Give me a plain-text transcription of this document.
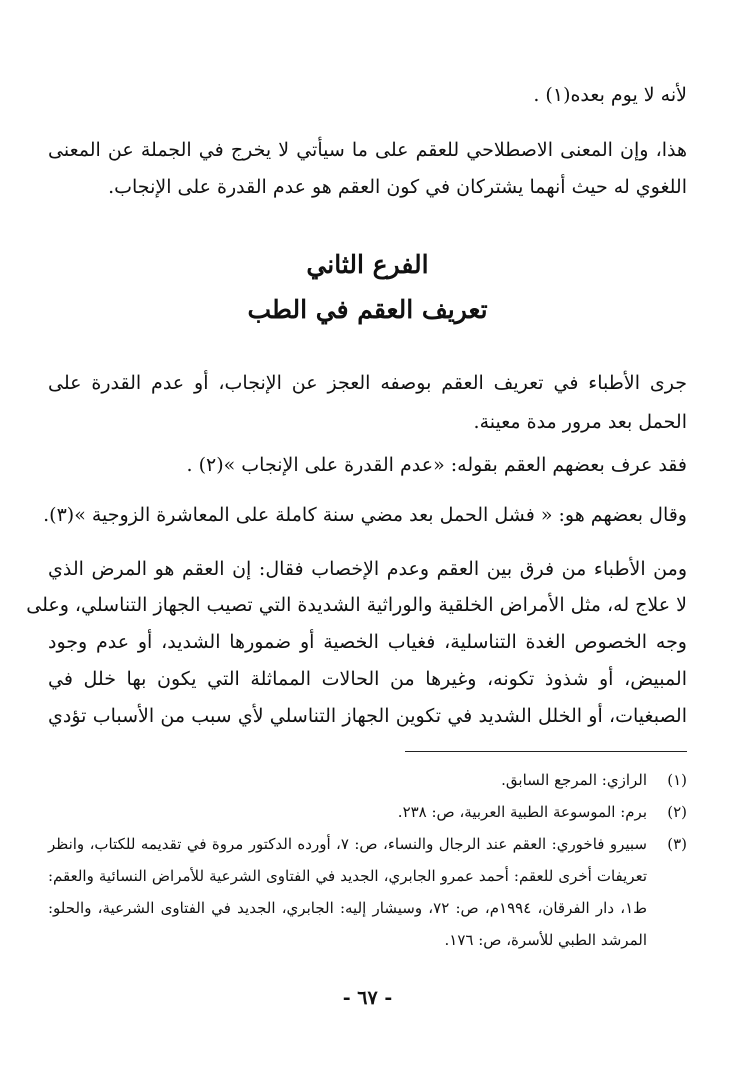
لأنه لا يوم بعده(١) .
هذا، وإن المعنى الاصطلاحي للعقم على ما سيأتي لا يخرج في الجملة عن المعنى
اللغوي له حيث أنهما يشتركان في كون العقم هو عدم القدرة على الإنجاب.
الفرع الثاني
تعريف العقم في الطب
جرى الأطباء في تعريف العقم بوصفه العجز عن الإنجاب، أو عدم القدرة على
الحمل بعد مرور مدة معينة.
فقد عرف بعضهم العقم بقوله: «عدم القدرة على الإنجاب »(٢) .
وقال بعضهم هو: « فشل الحمل بعد مضي سنة كاملة على المعاشرة الزوجية »(٣).
ومن الأطباء من فرق بين العقم وعدم الإخصاب فقال: إن العقم هو المرض الذي
لا علاج له، مثل الأمراض الخلقية والوراثية الشديدة التي تصيب الجهاز التناسلي، وعلى
وجه الخصوص الغدة التناسلية، فغياب الخصية أو ضمورها الشديد، أو عدم وجود
المبيض، أو شذوذ تكونه، وغيرها من الحالات المماثلة التي يكون بها خلل في
الصبغيات، أو الخلل الشديد في تكوين الجهاز التناسلي لأي سبب من الأسباب تؤدي
(١)
الرازي: المرجع السابق.
(٢)
برم: الموسوعة الطبية العربية، ص: ٢٣٨.
(٣)
سبيرو فاخوري: العقم عند الرجال والنساء، ص: ٧، أورده الدكتور مروة في تقديمه للكتاب، وانظر
تعريفات أخرى للعقم: أحمد عمرو الجابري، الجديد في الفتاوى الشرعية للأمراض النسائية والعقم:
ط١، دار الفرقان، ١٩٩٤م، ص: ٧٢، وسيشار إليه: الجابري، الجديد في الفتاوى الشرعية، والحلو:
المرشد الطبي للأسرة، ص: ١٧٦.
- ٦٧ -
